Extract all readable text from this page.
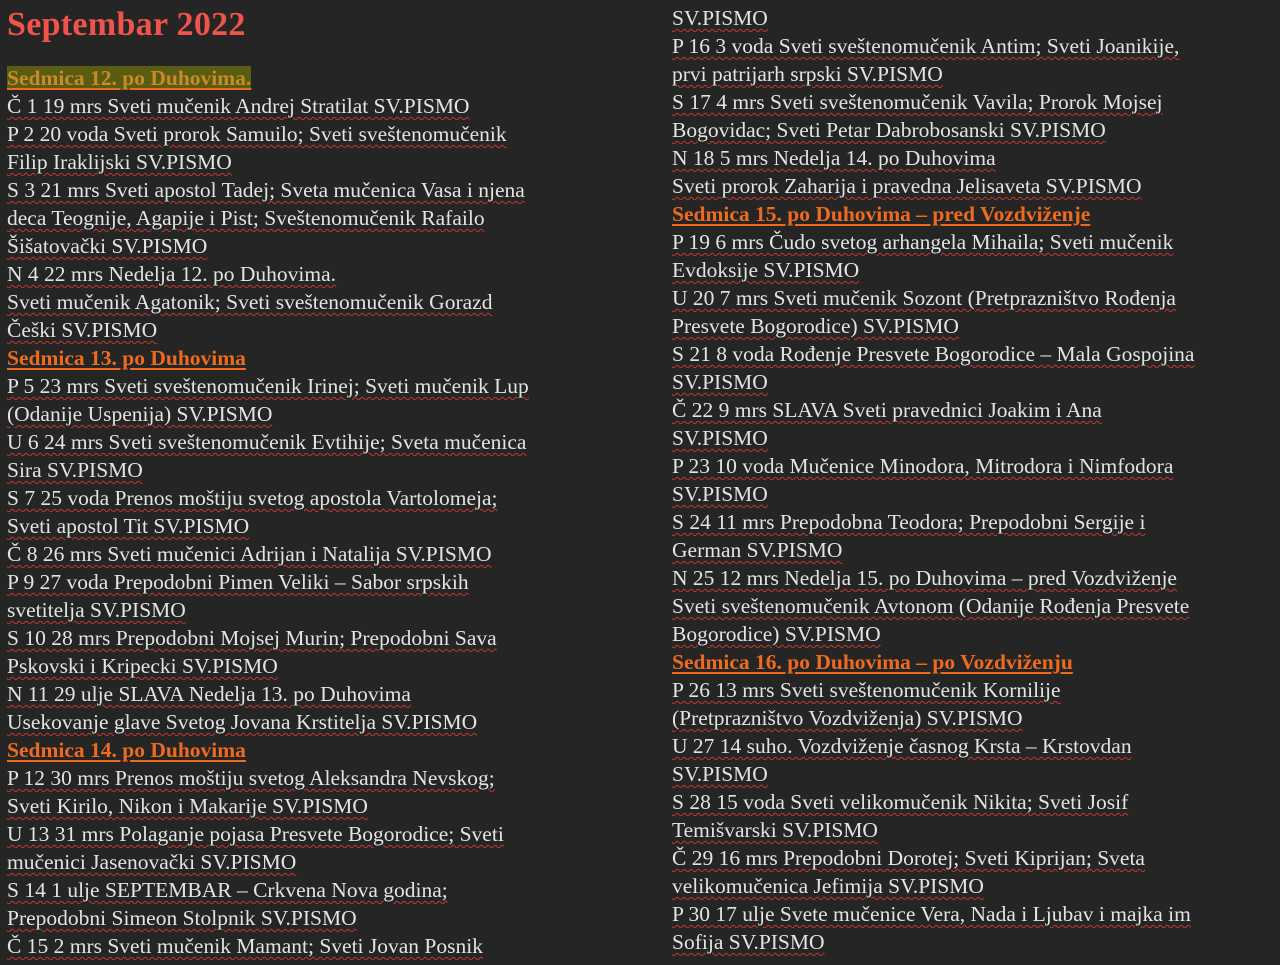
Septembar 2022
Sedmica 12. po Duhovima.
Č 1 19 mrs Sveti mučenik Andrej Stratilat SV.PISMO
P 2 20 voda Sveti prorok Samuilo; Sveti sveštenomučenik
Filip Iraklijski SV.PISMO
S 3 21 mrs Sveti apostol Tadej; Sveta mučenica Vasa i njena
deca Teognije, Agapije i Pist; Sveštenomučenik Rafailo
Šišatovački SV.PISMO
N 4 22 mrs Nedelja 12. po Duhovima.
Sveti mučenik Agatonik; Sveti sveštenomučenik Gorazd
Češki SV.PISMO
Sedmica 13. po Duhovima
P 5 23 mrs Sveti sveštenomučenik Irinej; Sveti mučenik Lup
(Odanije Uspenija) SV.PISMO
U 6 24 mrs Sveti sveštenomučenik Evtihije; Sveta mučenica
Sira SV.PISMO
S 7 25 voda Prenos moštiju svetog apostola Vartolomeja;
Sveti apostol Tit SV.PISMO
Č 8 26 mrs Sveti mučenici Adrijan i Natalija SV.PISMO
P 9 27 voda Prepodobni Pimen Veliki – Sabor srpskih
svetitelja SV.PISMO
S 10 28 mrs Prepodobni Mojsej Murin; Prepodobni Sava
Pskovski i Kripecki SV.PISMO
N 11 29 ulje SLAVA Nedelja 13. po Duhovima
Usekovanje glave Svetog Jovana Krstitelja SV.PISMO
Sedmica 14. po Duhovima
P 12 30 mrs Prenos moštiju svetog Aleksandra Nevskog;
Sveti Kirilo, Nikon i Makarije SV.PISMO
U 13 31 mrs Polaganje pojasa Presvete Bogorodice; Sveti
mučenici Jasenovački SV.PISMO
S 14 1 ulje SEPTEMBAR – Crkvena Nova godina;
Prepodobni Simeon Stolpnik SV.PISMO
Č 15 2 mrs Sveti mučenik Mamant; Sveti Jovan Posnik
SV.PISMO
P 16 3 voda Sveti sveštenomučenik Antim; Sveti Joanikije,
prvi patrijarh srpski SV.PISMO
S 17 4 mrs Sveti sveštenomučenik Vavila; Prorok Mojsej
Bogovidac; Sveti Petar Dabrobosanski SV.PISMO
N 18 5 mrs Nedelja 14. po Duhovima
Sveti prorok Zaharija i pravedna Jelisaveta SV.PISMO
Sedmica 15. po Duhovima – pred Vozdviženje
P 19 6 mrs Čudo svetog arhangela Mihaila; Sveti mučenik
Evdoksije SV.PISMO
U 20 7 mrs Sveti mučenik Sozont (Pretprazništvo Rođenja
Presvete Bogorodice) SV.PISMO
S 21 8 voda Rođenje Presvete Bogorodice – Mala Gospojina
SV.PISMO
Č 22 9 mrs SLAVA Sveti pravednici Joakim i Ana
SV.PISMO
P 23 10 voda Mučenice Minodora, Mitrodora i Nimfodora
SV.PISMO
S 24 11 mrs Prepodobna Teodora; Prepodobni Sergije i
German SV.PISMO
N 25 12 mrs Nedelja 15. po Duhovima – pred Vozdviženje
Sveti sveštenomučenik Avtonom (Odanije Rođenja Presvete
Bogorodice) SV.PISMO
Sedmica 16. po Duhovima – po Vozdviženju
P 26 13 mrs Sveti sveštenomučenik Kornilije
(Pretprazništvo Vozdviženja) SV.PISMO
U 27 14 suho. Vozdviženje časnog Krsta – Krstovdan
SV.PISMO
S 28 15 voda Sveti velikomučenik Nikita; Sveti Josif
Temišvarski SV.PISMO
Č 29 16 mrs Prepodobni Dorotej; Sveti Kiprijan; Sveta
velikomučenica Jefimija SV.PISMO
P 30 17 ulje Svete mučenice Vera, Nada i Ljubav i majka im
Sofija SV.PISMO
